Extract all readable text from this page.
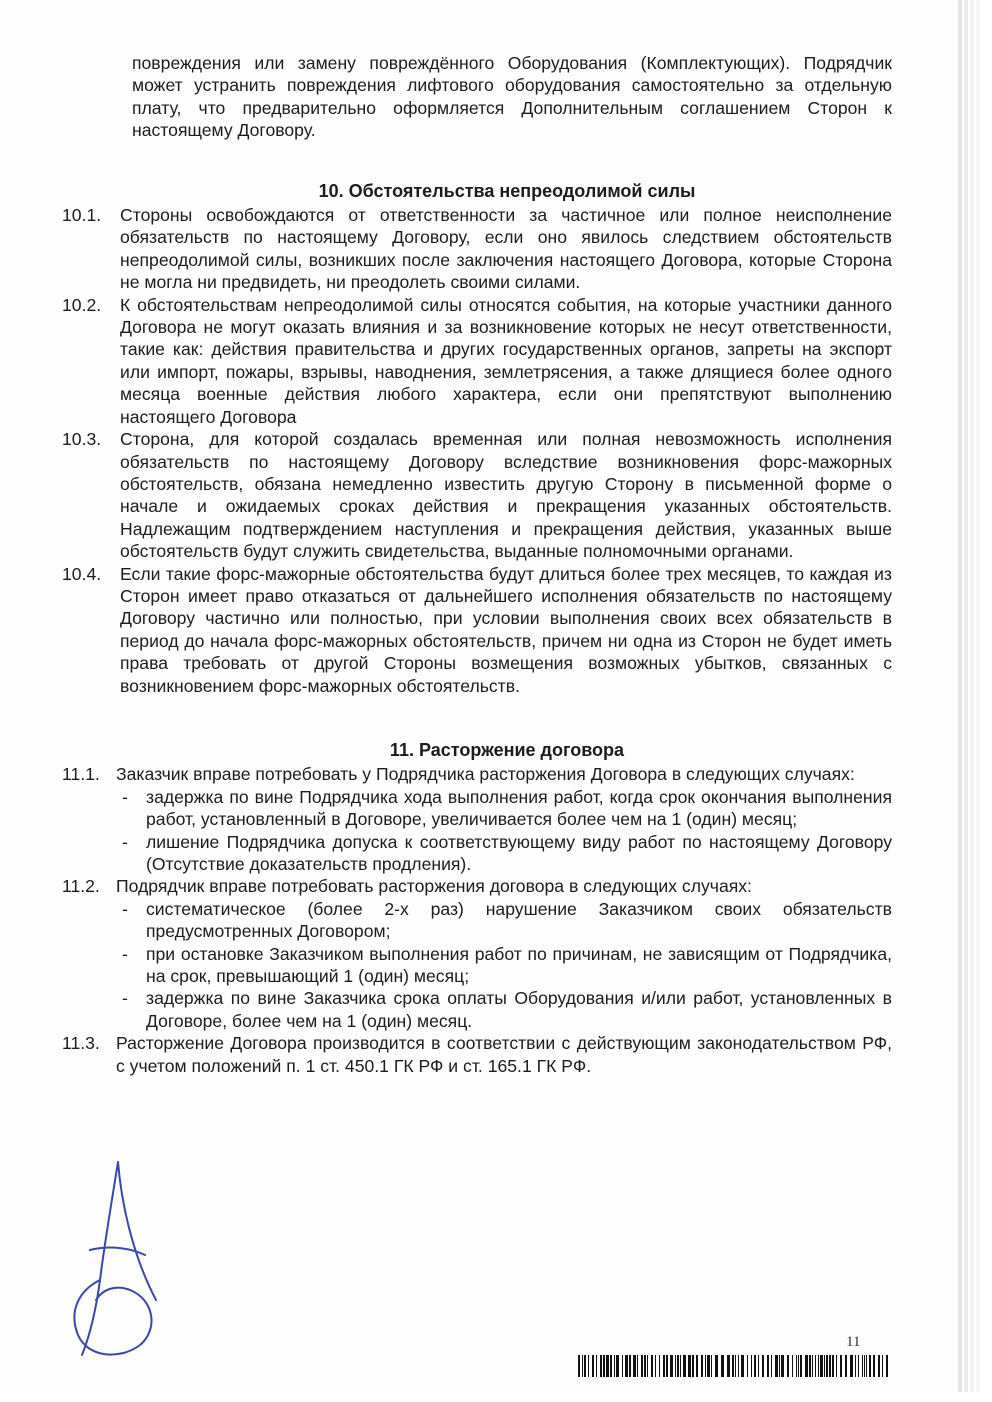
повреждения или замену повреждённого Оборудования (Комплектующих). Подрядчик может устранить повреждения лифтового оборудования самостоятельно за отдельную плату, что предварительно оформляется Дополнительным соглашением Сторон к настоящему Договору.

10. Обстоятельства непреодолимой силы
10.1.	Стороны освобождаются от ответственности за частичное или полное неисполнение обязательств по настоящему Договору, если оно явилось следствием обстоятельств непреодолимой силы, возникших после заключения настоящего Договора, которые Сторона не могла ни предвидеть, ни преодолеть своими силами.

10.2.	К обстоятельствам непреодолимой силы относятся события, на которые участники данного Договора не могут оказать влияния и за возникновение которых не несут ответственности, такие как: действия правительства и других государственных органов, запреты на экспорт или импорт, пожары, взрывы, наводнения, землетрясения, а также длящиеся более одного месяца военные действия любого характера, если они препятствуют выполнению настоящего Договора

10.3.	Сторона, для которой создалась временная или полная невозможность исполнения обязательств по настоящему Договору вследствие возникновения форс-мажорных обстоятельств, обязана немедленно известить другую Сторону в письменной форме о начале и ожидаемых сроках действия и прекращения указанных обстоятельств. Надлежащим подтверждением наступления и прекращения действия, указанных выше обстоятельств будут служить свидетельства, выданные полномочными органами.

10.4.	Если такие форс-мажорные обстоятельства будут длиться более трех месяцев, то каждая из Сторон имеет право отказаться от дальнейшего исполнения обязательств по настоящему Договору частично или полностью, при условии выполнения своих всех обязательств в период до начала форс-мажорных обстоятельств, причем ни одна из Сторон не будет иметь права требовать от другой Стороны возмещения возможных убытков, связанных с возникновением форс-мажорных обстоятельств.

11. Расторжение договора
11.1. Заказчик вправе потребовать у Подрядчика расторжения Договора в следующих случаях:

-	задержка по вине Подрядчика хода выполнения работ, когда срок окончания выполнения работ, установленный в Договоре, увеличивается более чем на 1 (один) месяц;

-	лишение Подрядчика допуска к соответствующему виду работ по настоящему Договору (Отсутствие доказательств продления).

11.2. Подрядчик вправе потребовать расторжения договора в следующих случаях:

-	систематическое (более 2-х раз) нарушение Заказчиком своих обязательств предусмотренных Договором;

-	при остановке Заказчиком выполнения работ по причинам, не зависящим от Подрядчика, на срок, превышающий 1 (один) месяц;

-	задержка по вине Заказчика срока оплаты Оборудования и/или работ, установленных в Договоре, более чем на 1 (один) месяц.

11.3. Расторжение Договора производится в соответствии с действующим законодательством РФ, с учетом положений п. 1 ст. 450.1 ГК РФ и ст. 165.1 ГК РФ.

11
